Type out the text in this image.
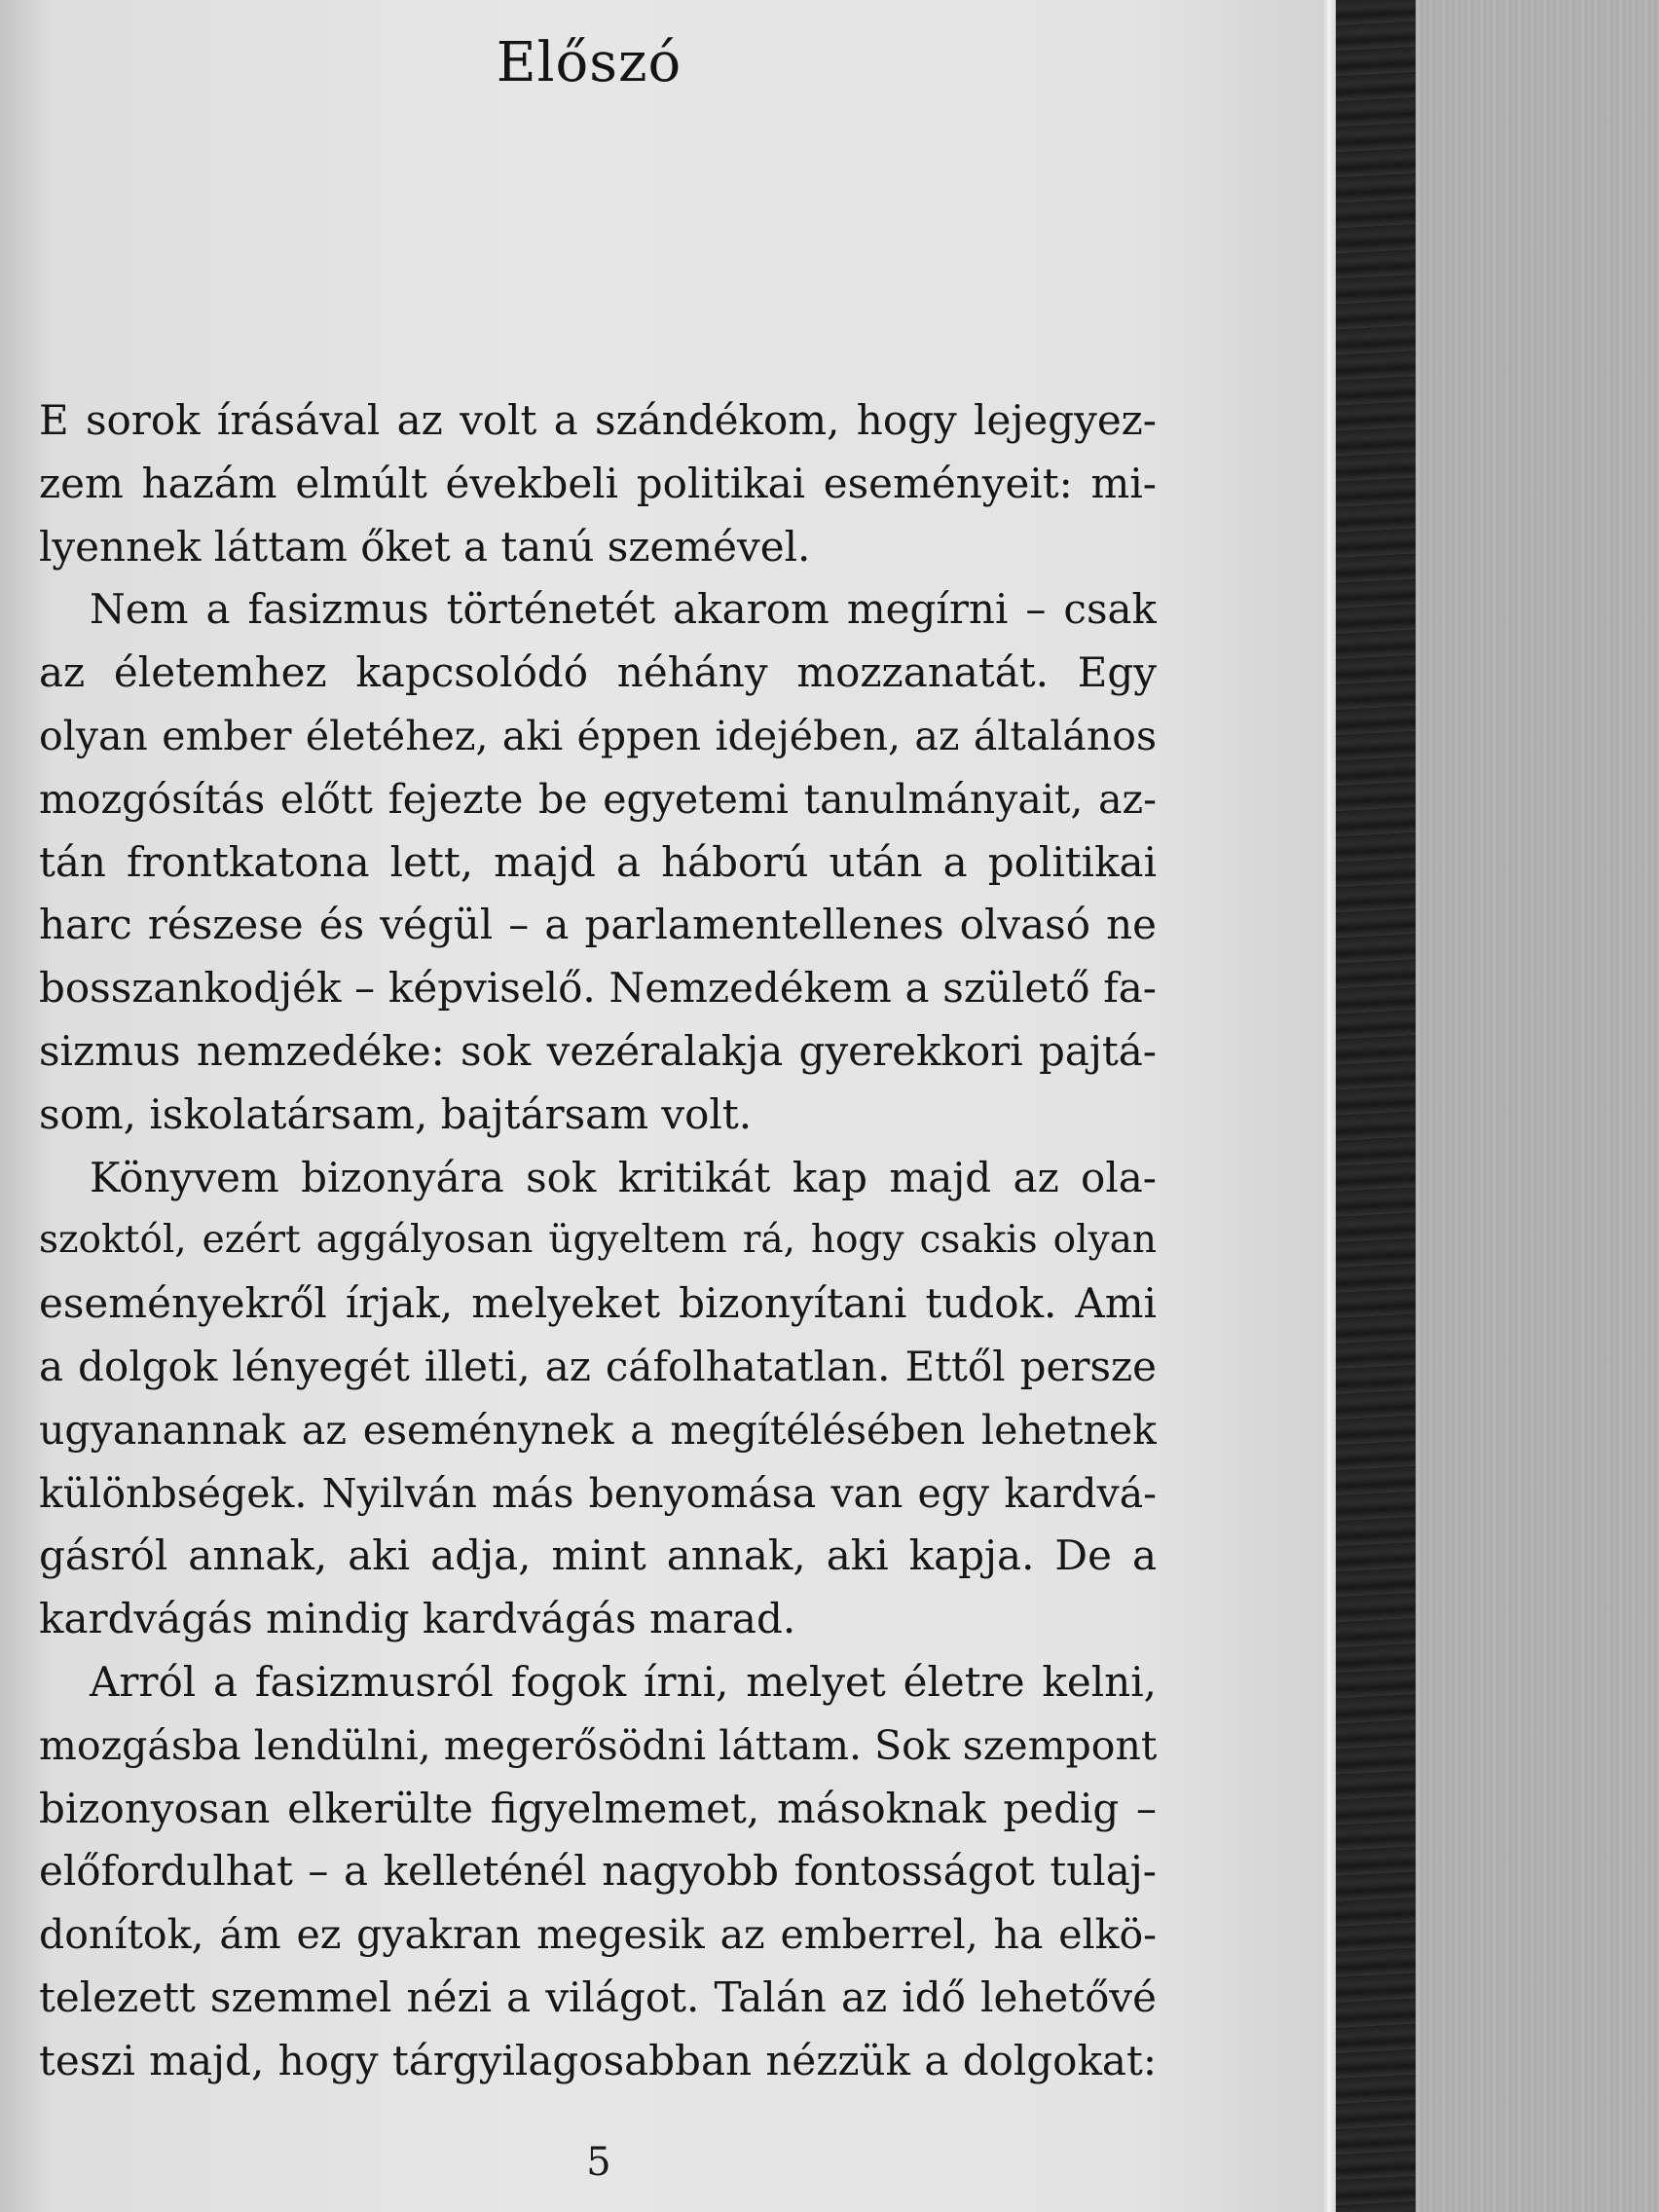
Előszó
E sorok írásával az volt a szándékom, hogy lejegyez-
zem hazám elmúlt évekbeli politikai eseményeit: mi-
lyennek láttam őket a tanú szemével.
Nem a fasizmus történetét akarom megírni – csak
az életemhez kapcsolódó néhány mozzanatát. Egy
olyan ember életéhez, aki éppen idejében, az általános
mozgósítás előtt fejezte be egyetemi tanulmányait, az-
tán frontkatona lett, majd a háború után a politikai
harc részese és végül – a parlamentellenes olvasó ne
bosszankodjék – képviselő. Nemzedékem a születő fa-
sizmus nemzedéke: sok vezéralakja gyerekkori pajtá-
som, iskolatársam, bajtársam volt.
Könyvem bizonyára sok kritikát kap majd az ola-
szoktól, ezért aggályosan ügyeltem rá, hogy csakis olyan
eseményekről írjak, melyeket bizonyítani tudok. Ami
a dolgok lényegét illeti, az cáfolhatatlan. Ettől persze
ugyanannak az eseménynek a megítélésében lehetnek
különbségek. Nyilván más benyomása van egy kardvá-
gásról annak, aki adja, mint annak, aki kapja. De a
kardvágás mindig kardvágás marad.
Arról a fasizmusról fogok írni, melyet életre kelni,
mozgásba lendülni, megerősödni láttam. Sok szempont
bizonyosan elkerülte figyelmemet, másoknak pedig –
előfordulhat – a kelleténél nagyobb fontosságot tulaj-
donítok, ám ez gyakran megesik az emberrel, ha elkö-
telezett szemmel nézi a világot. Talán az idő lehetővé
teszi majd, hogy tárgyilagosabban nézzük a dolgokat:
5
